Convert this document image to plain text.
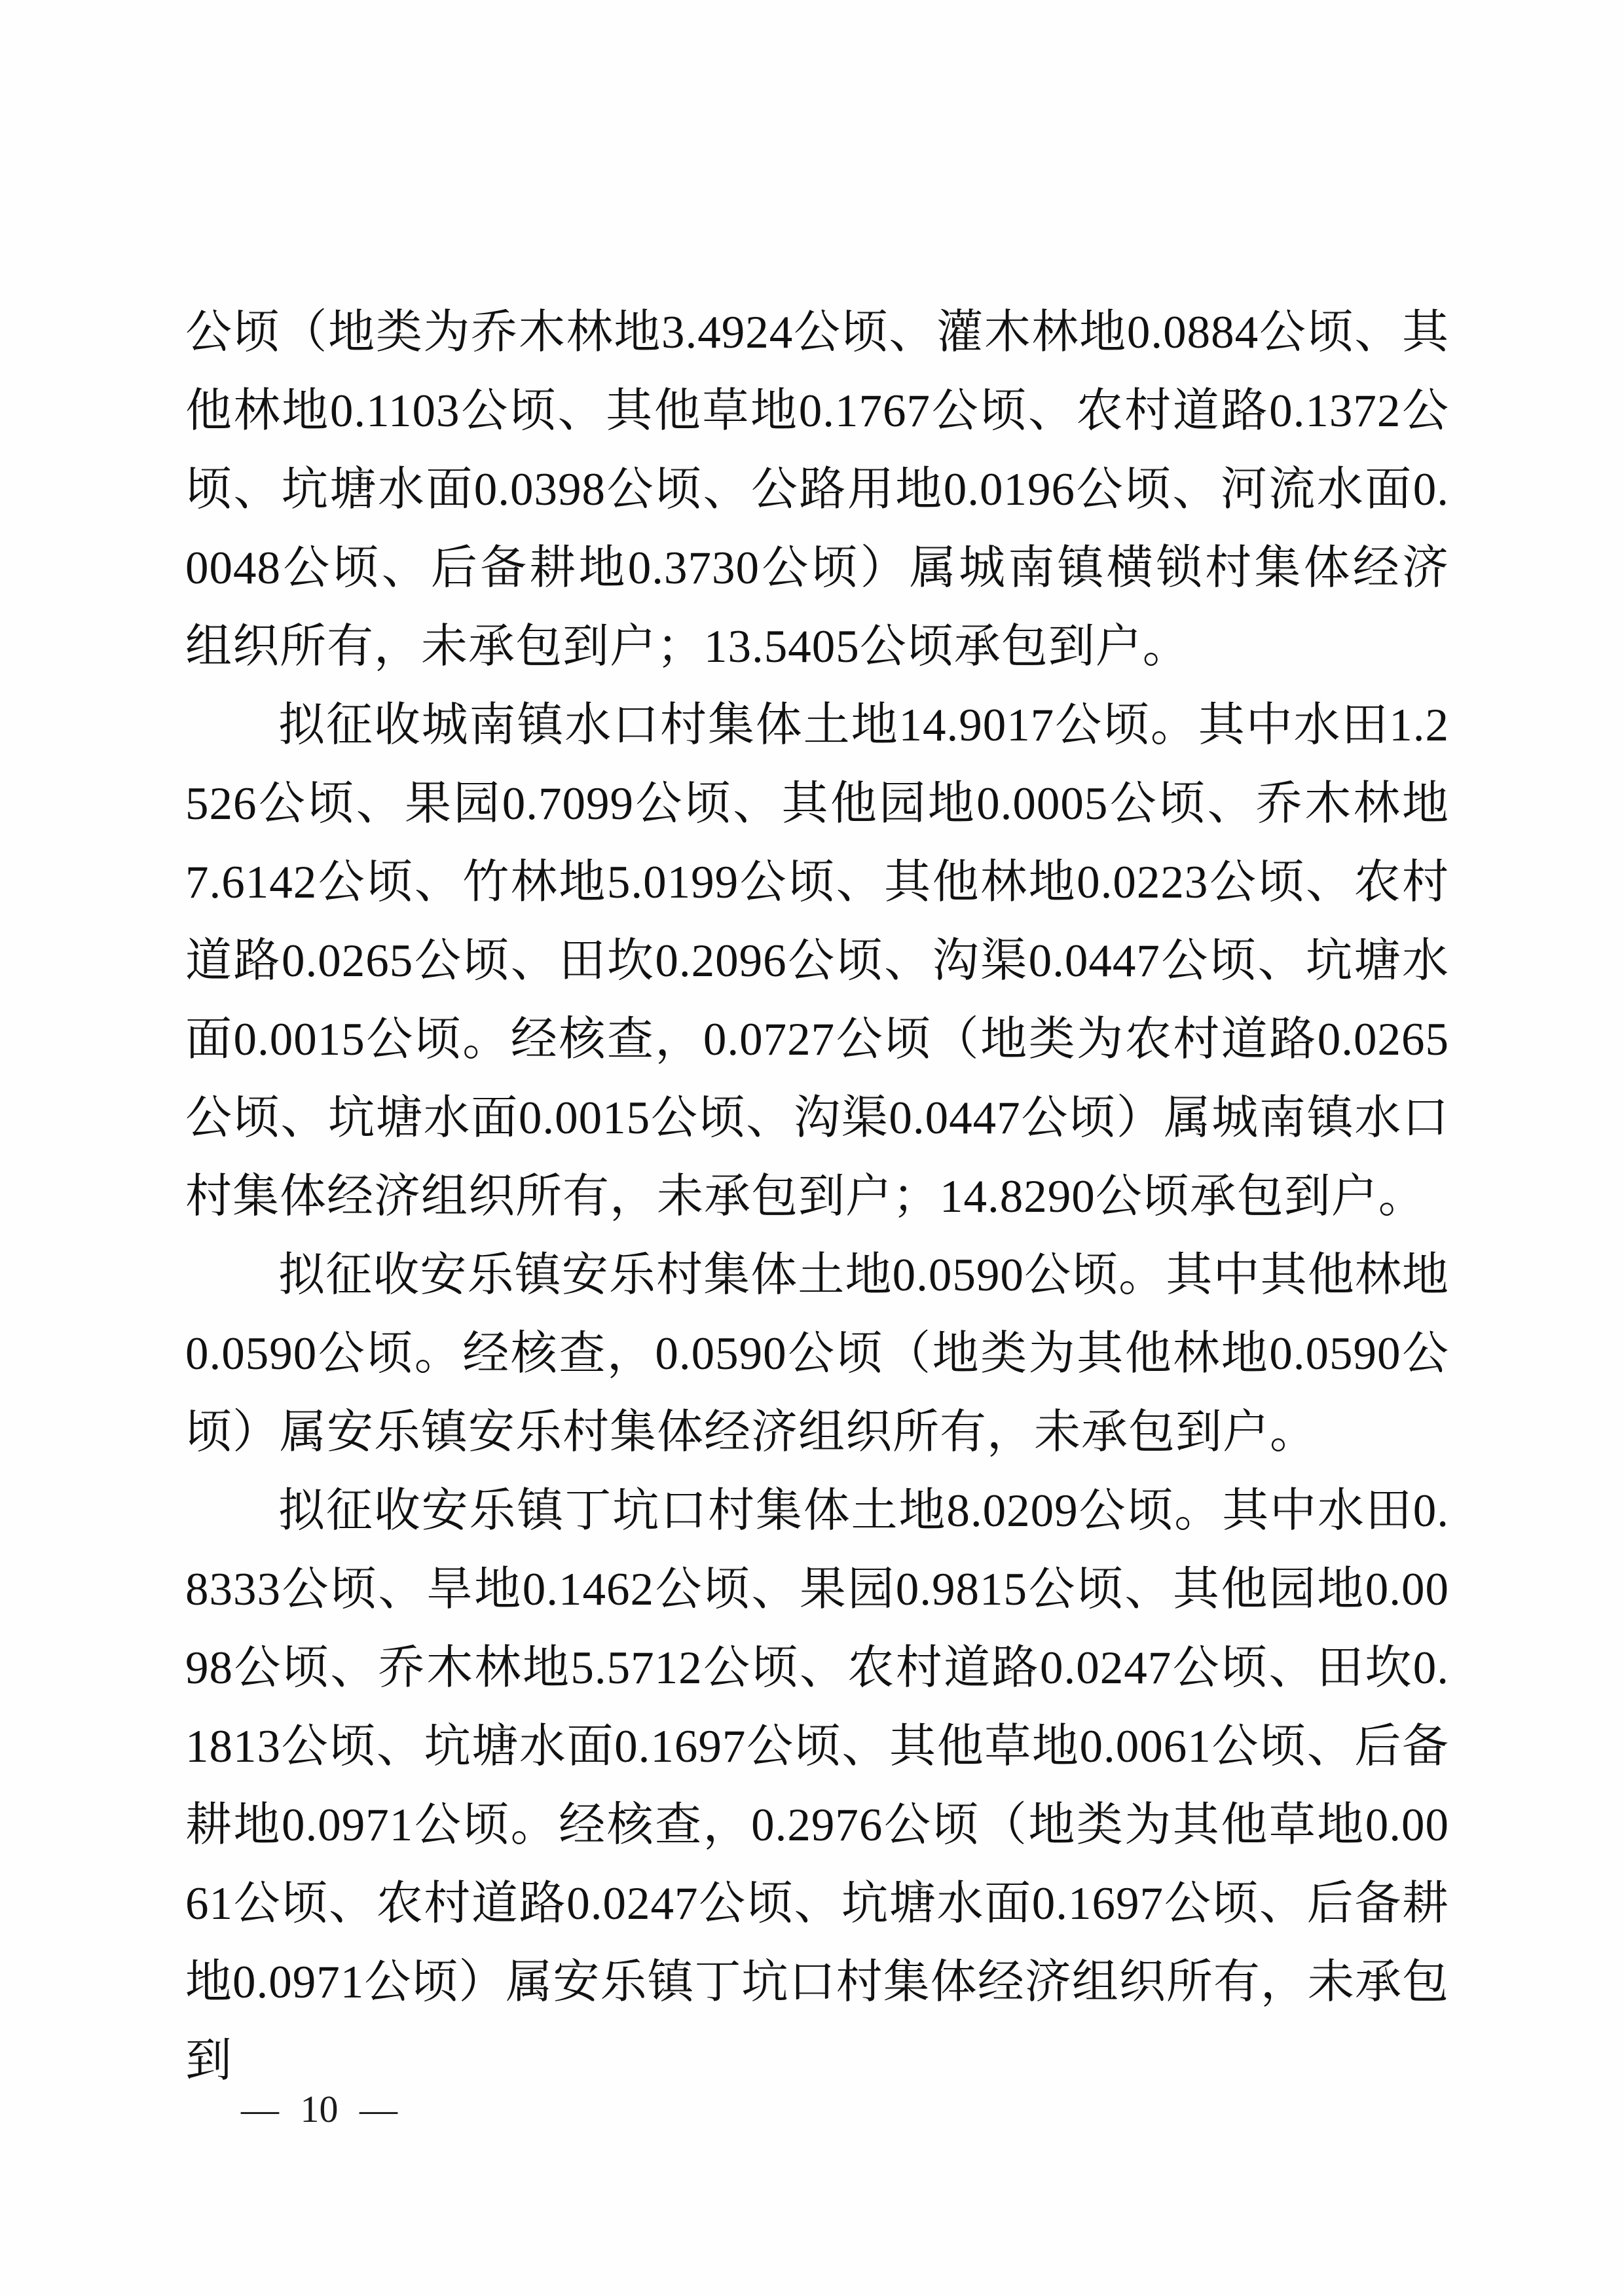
公顷（地类为乔木林地3.4924公顷、灌木林地0.0884公顷、其他林地0.1103公顷、其他草地0.1767公顷、农村道路0.1372公顷、坑塘水面0.0398公顷、公路用地0.0196公顷、河流水面0.0048公顷、后备耕地0.3730公顷）属城南镇横锁村集体经济组织所有，未承包到户；13.5405公顷承包到户。

拟征收城南镇水口村集体土地14.9017公顷。其中水田1.2526公顷、果园0.7099公顷、其他园地0.0005公顷、乔木林地7.6142公顷、竹林地5.0199公顷、其他林地0.0223公顷、农村道路0.0265公顷、田坎0.2096公顷、沟渠0.0447公顷、坑塘水面0.0015公顷。经核查，0.0727公顷（地类为农村道路0.0265公顷、坑塘水面0.0015公顷、沟渠0.0447公顷）属城南镇水口村集体经济组织所有，未承包到户；14.8290公顷承包到户。

拟征收安乐镇安乐村集体土地0.0590公顷。其中其他林地0.0590公顷。经核查，0.0590公顷（地类为其他林地0.0590公顷）属安乐镇安乐村集体经济组织所有，未承包到户。

拟征收安乐镇丁坑口村集体土地8.0209公顷。其中水田0.8333公顷、旱地0.1462公顷、果园0.9815公顷、其他园地0.0098公顷、乔木林地5.5712公顷、农村道路0.0247公顷、田坎0.1813公顷、坑塘水面0.1697公顷、其他草地0.0061公顷、后备耕地0.0971公顷。经核查，0.2976公顷（地类为其他草地0.0061公顷、农村道路0.0247公顷、坑塘水面0.1697公顷、后备耕地0.0971公顷）属安乐镇丁坑口村集体经济组织所有，未承包到

— 10 —
